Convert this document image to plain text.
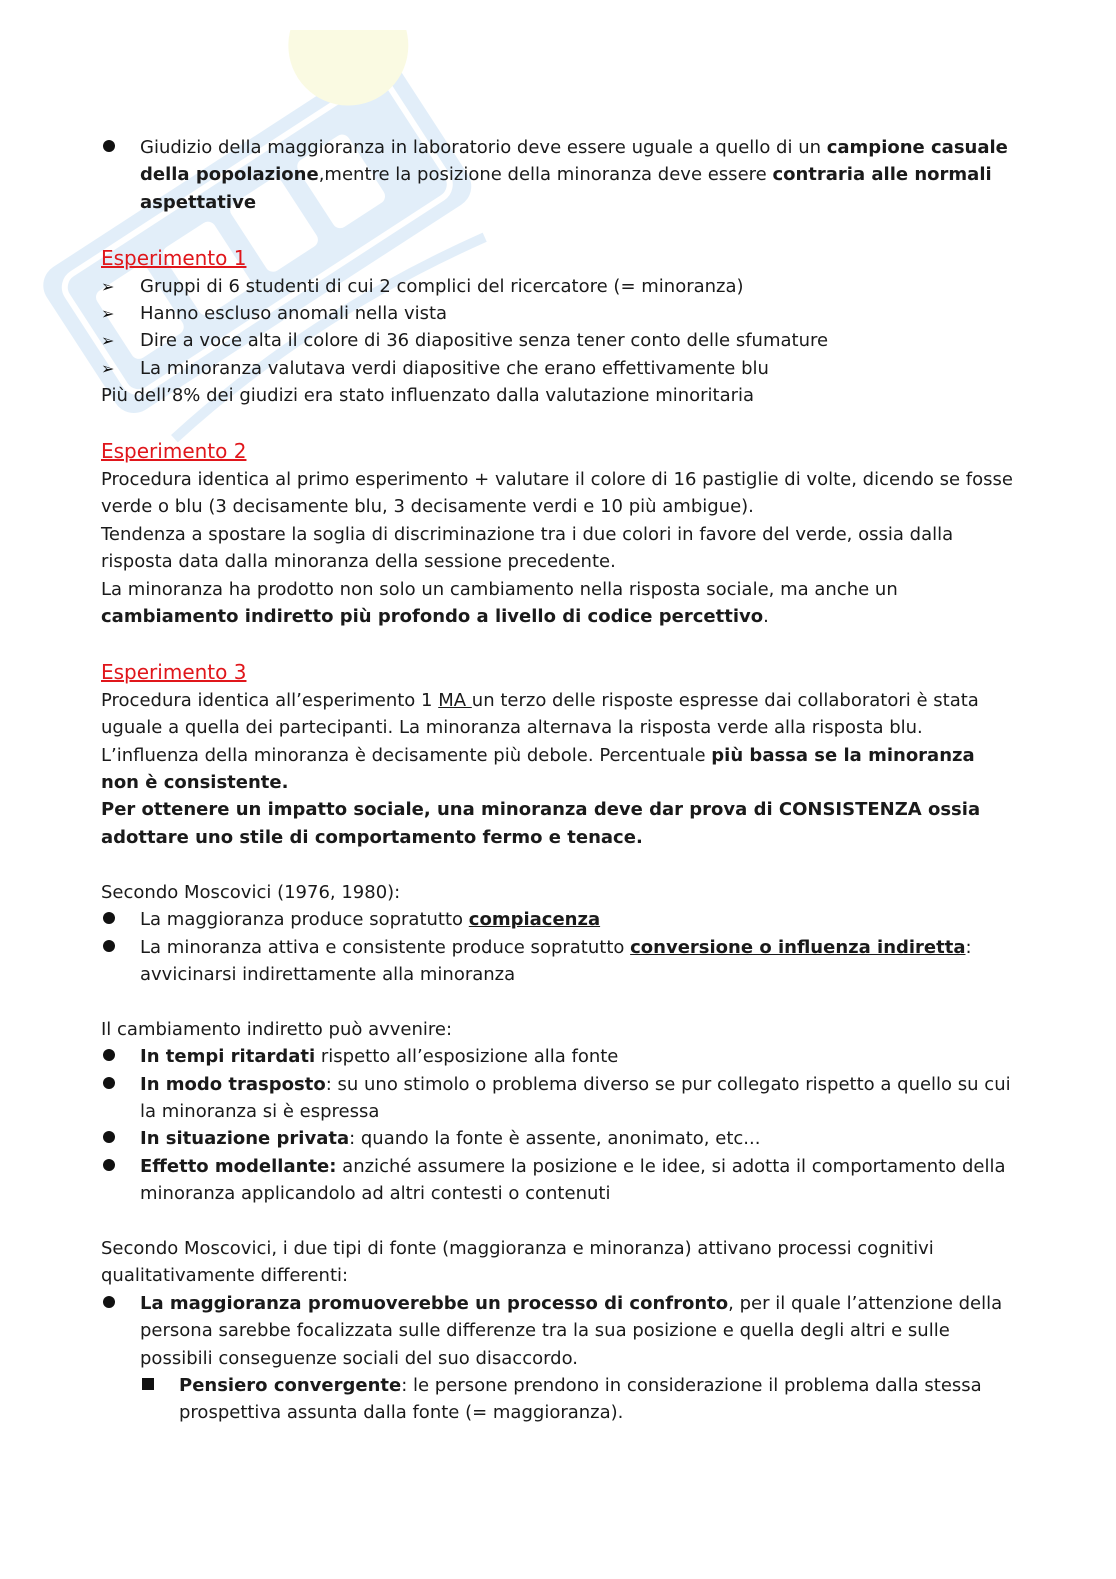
Giudizio della maggioranza in laboratorio deve essere uguale a quello di un campione casuale della popolazione,mentre la posizione della minoranza deve essere contraria alle normali aspettative

Esperimento 1

➢	Gruppi di 6 studenti di cui 2 complici del ricercatore (= minoranza)
➢	Hanno escluso anomali nella vista
➢	Dire a voce alta il colore di 36 diapositive senza tener conto delle sfumature
➢	La minoranza valutava verdi diapositive che erano effettivamente blu

Più dell’8% dei giudizi era stato influenzato dalla valutazione minoritaria

Esperimento 2

Procedura identica al primo esperimento + valutare il colore di 16 pastiglie di volte, dicendo se fosse verde o blu (3 decisamente blu, 3 decisamente verdi e 10 più ambigue).

Tendenza a spostare la soglia di discriminazione tra i due colori in favore del verde, ossia dalla risposta data dalla minoranza della sessione precedente.

La minoranza ha prodotto non solo un cambiamento nella risposta sociale, ma anche un cambiamento indiretto più profondo a livello di codice percettivo.

Esperimento 3

Procedura identica all’esperimento 1 MA un terzo delle risposte espresse dai collaboratori è stata uguale a quella dei partecipanti. La minoranza alternava la risposta verde alla risposta blu.

L’influenza della minoranza è decisamente più debole. Percentuale più bassa se la minoranza non è consistente.

Per ottenere un impatto sociale, una minoranza deve dar prova di CONSISTENZA ossia adottare uno stile di comportamento fermo e tenace.

Secondo Moscovici (1976, 1980):

La maggioranza produce sopratutto compiacenza
La minoranza attiva e consistente produce sopratutto conversione o influenza indiretta: avvicinarsi indirettamente alla minoranza

Il cambiamento indiretto può avvenire:

In tempi ritardati rispetto all’esposizione alla fonte
In modo trasposto: su uno stimolo o problema diverso se pur collegato rispetto a quello su cui la minoranza si è espressa
In situazione privata: quando la fonte è assente, anonimato, etc...
Effetto modellante: anziché assumere la posizione e le idee, si adotta il comportamento della minoranza applicandolo ad altri contesti o contenuti

Secondo Moscovici, i due tipi di fonte (maggioranza e minoranza) attivano processi cognitivi qualitativamente differenti:

La maggioranza promuoverebbe un processo di confronto, per il quale l’attenzione della persona sarebbe focalizzata sulle differenze tra la sua posizione e quella degli altri e sulle possibili conseguenze sociali del suo disaccordo.
Pensiero convergente: le persone prendono in considerazione il problema dalla stessa prospettiva assunta dalla fonte (= maggioranza).
